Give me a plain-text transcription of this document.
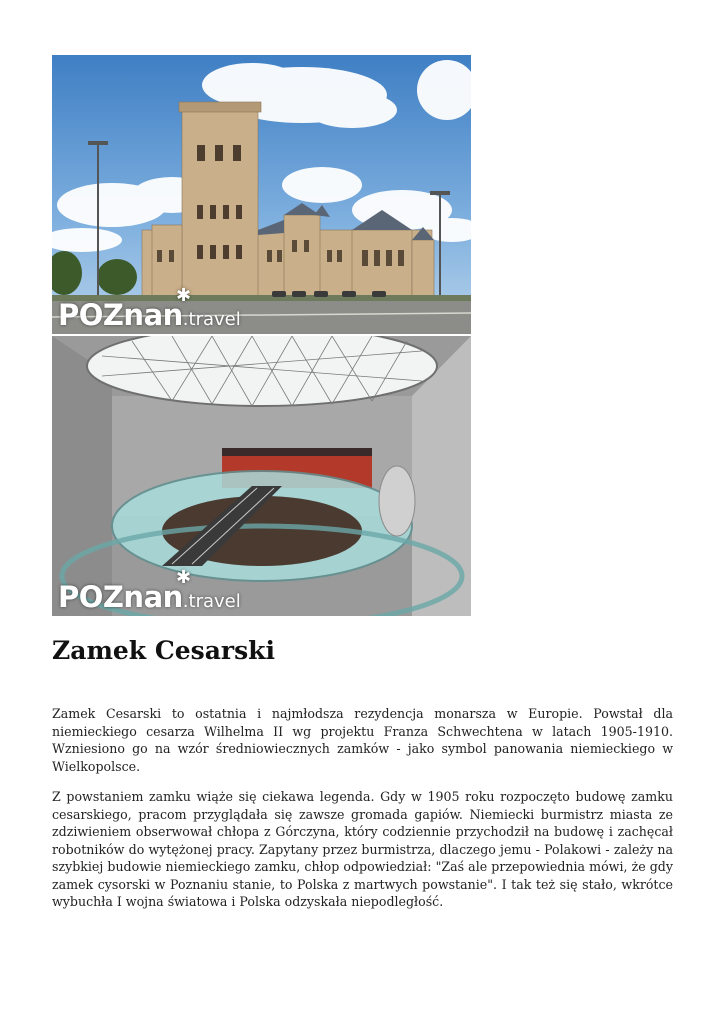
POZnan.travel
✱
POZnan.travel
✱
Zamek Cesarski

Zamek Cesarski to ostatnia i najmłodsza rezydencja monarsza w Europie. Powstał dla niemieckiego cesarza Wilhelma II wg projektu Franza Schwechtena w latach 1905-1910. Wzniesiono go na wzór średniowiecznych zamków - jako symbol panowania niemieckiego w Wielkopolsce.

Z powstaniem zamku wiąże się ciekawa legenda. Gdy w 1905 roku rozpoczęto budowę zamku cesarskiego, pracom przyglądała się zawsze gromada gapiów. Niemiecki burmistrz miasta ze zdziwieniem obserwował chłopa z Górczyna, który codziennie przychodził na budowę i zachęcał robotników do wytężonej pracy. Zapytany przez burmistrza, dlaczego jemu - Polakowi - zależy na szybkiej budowie niemieckiego zamku, chłop odpowiedział: "Zaś ale przepowiednia mówi, że gdy zamek cysorski w Poznaniu stanie, to Polska z martwych powstanie". I tak też się stało, wkrótce wybuchła I wojna światowa i Polska odzyskała niepodległość.
